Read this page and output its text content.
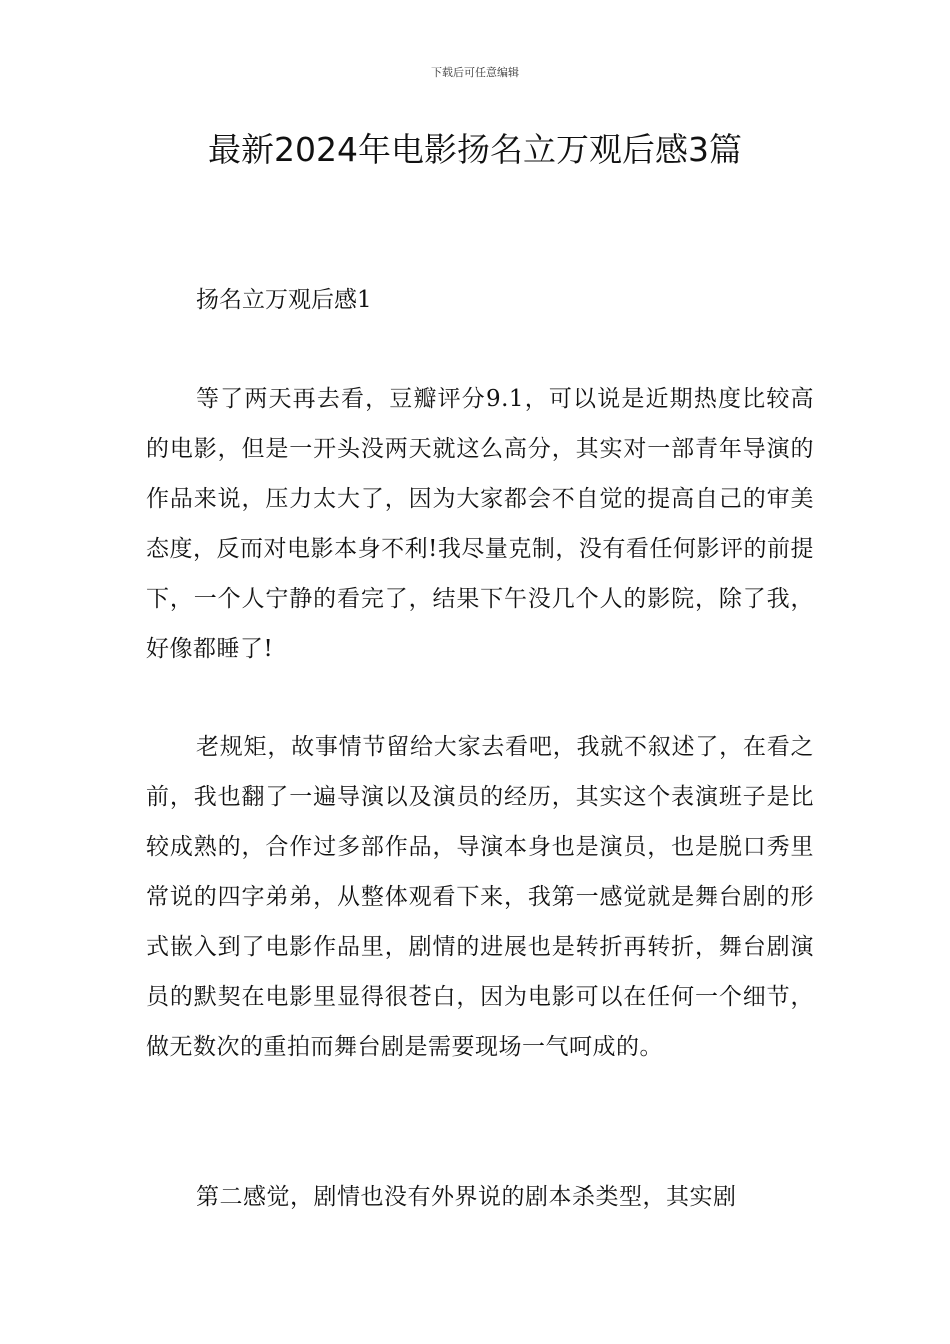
下载后可任意编辑
最新2024年电影扬名立万观后感3篇
扬名立万观后感1

等了两天再去看，豆瓣评分9.1，可以说是近期热度比较高的电影，但是一开头没两天就这么高分，其实对一部青年导演的作品来说，压力太大了，因为大家都会不自觉的提高自己的审美态度，反而对电影本身不利!我尽量克制，没有看任何影评的前提下，一个人宁静的看完了，结果下午没几个人的影院，除了我，好像都睡了!

老规矩，故事情节留给大家去看吧，我就不叙述了，在看之前，我也翻了一遍导演以及演员的经历，其实这个表演班子是比较成熟的，合作过多部作品，导演本身也是演员，也是脱口秀里常说的四字弟弟，从整体观看下来，我第一感觉就是舞台剧的形式嵌入到了电影作品里，剧情的进展也是转折再转折，舞台剧演员的默契在电影里显得很苍白，因为电影可以在任何一个细节，做无数次的重拍而舞台剧是需要现场一气呵成的。

第二感觉，剧情也没有外界说的剧本杀类型，其实剧
